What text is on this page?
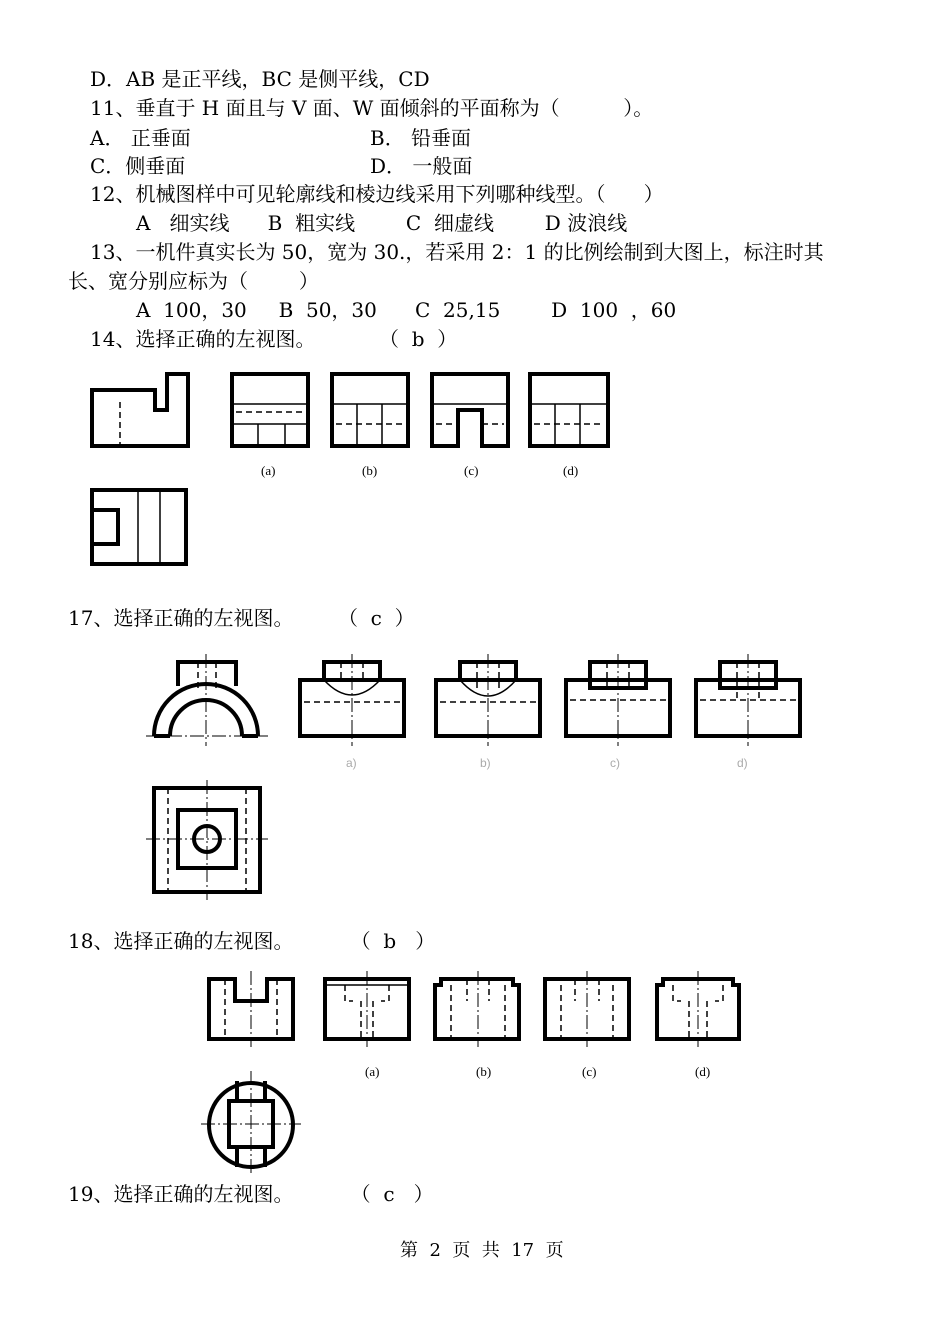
D．AB 是正平线，BC 是侧平线，CD
11、垂直于 H 面且与 V 面、W 面倾斜的平面称为（          ）。
A． 正垂面	B． 铅垂面
C．侧垂面	D． 一般面
12、机械图样中可见轮廓线和棱边线采用下列哪种线型。（      ）
A   细实线      B  粗实线        C  细虚线        D 波浪线
13、一机件真实长为 50，宽为 30.，若采用 2：1 的比例绘制到大图上，标注时其
长、宽分别应标为（        ）
A  100，30     B  50，30      C  25,15        D  100  ，60
14、选择正确的左视图。          （  b  ）
(a)	(b)	(c)	(d)
17、选择正确的左视图。       （  c  ）
a)	b)	c)	d)
18、选择正确的左视图。         （  b   ）
(a)	(b)	(c)	(d)
19、选择正确的左视图。         （  c   ）
第  2  页  共  17  页
